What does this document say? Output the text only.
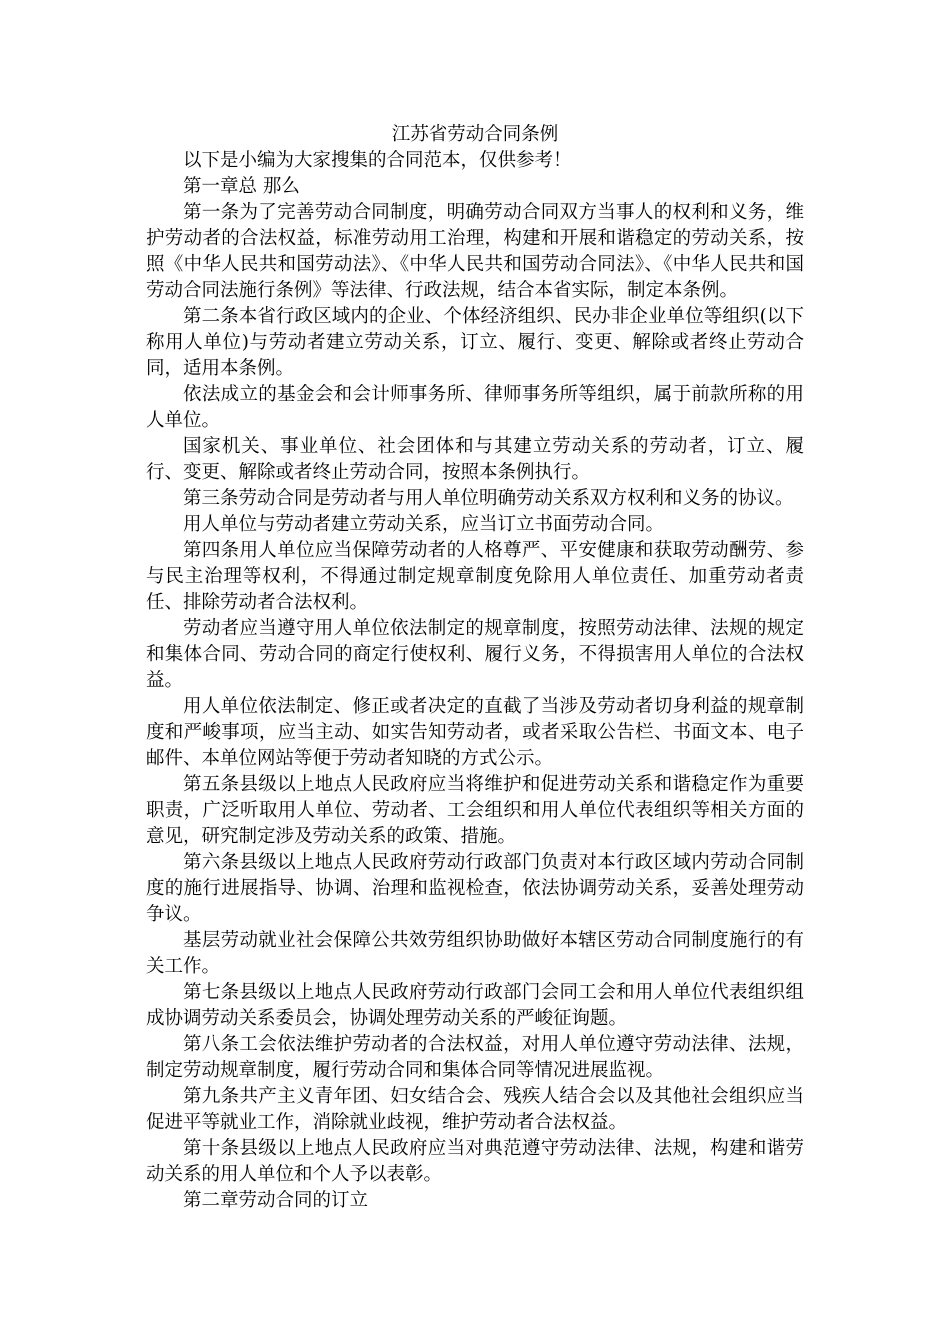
江苏省劳动合同条例

以下是小编为大家搜集的合同范本，仅供参考！

第一章总 那么

第一条为了完善劳动合同制度，明确劳动合同双方当事人的权利和义务，维护劳动者的合法权益，标准劳动用工治理，构建和开展和谐稳定的劳动关系，按照《中华人民共和国劳动法》、《中华人民共和国劳动合同法》、《中华人民共和国劳动合同法施行条例》等法律、行政法规，结合本省实际，制定本条例。

第二条本省行政区域内的企业、个体经济组织、民办非企业单位等组织(以下称用人单位)与劳动者建立劳动关系，订立、履行、变更、解除或者终止劳动合同，适用本条例。

依法成立的基金会和会计师事务所、律师事务所等组织，属于前款所称的用人单位。

国家机关、事业单位、社会团体和与其建立劳动关系的劳动者，订立、履行、变更、解除或者终止劳动合同，按照本条例执行。

第三条劳动合同是劳动者与用人单位明确劳动关系双方权利和义务的协议。

用人单位与劳动者建立劳动关系，应当订立书面劳动合同。

第四条用人单位应当保障劳动者的人格尊严、平安健康和获取劳动酬劳、参与民主治理等权利，不得通过制定规章制度免除用人单位责任、加重劳动者责任、排除劳动者合法权利。

劳动者应当遵守用人单位依法制定的规章制度，按照劳动法律、法规的规定和集体合同、劳动合同的商定行使权利、履行义务，不得损害用人单位的合法权益。

用人单位依法制定、修正或者决定的直截了当涉及劳动者切身利益的规章制度和严峻事项，应当主动、如实告知劳动者，或者采取公告栏、书面文本、电子邮件、本单位网站等便于劳动者知晓的方式公示。

第五条县级以上地点人民政府应当将维护和促进劳动关系和谐稳定作为重要职责，广泛听取用人单位、劳动者、工会组织和用人单位代表组织等相关方面的意见，研究制定涉及劳动关系的政策、措施。

第六条县级以上地点人民政府劳动行政部门负责对本行政区域内劳动合同制度的施行进展指导、协调、治理和监视检查，依法协调劳动关系，妥善处理劳动争议。

基层劳动就业社会保障公共效劳组织协助做好本辖区劳动合同制度施行的有关工作。

第七条县级以上地点人民政府劳动行政部门会同工会和用人单位代表组织组成协调劳动关系委员会，协调处理劳动关系的严峻征询题。

第八条工会依法维护劳动者的合法权益，对用人单位遵守劳动法律、法规，制定劳动规章制度，履行劳动合同和集体合同等情况进展监视。

第九条共产主义青年团、妇女结合会、残疾人结合会以及其他社会组织应当促进平等就业工作，消除就业歧视，维护劳动者合法权益。

第十条县级以上地点人民政府应当对典范遵守劳动法律、法规，构建和谐劳动关系的用人单位和个人予以表彰。

第二章劳动合同的订立
